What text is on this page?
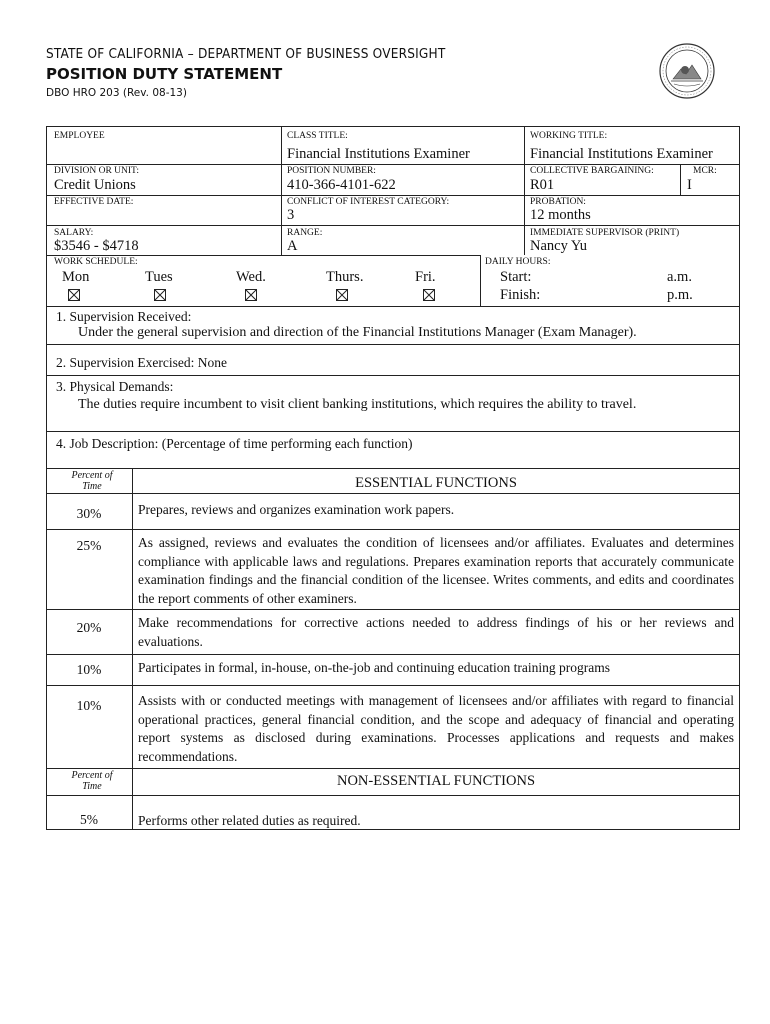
STATE OF CALIFORNIA – DEPARTMENT OF BUSINESS OVERSIGHT
POSITION DUTY STATEMENT
DBO HRO 203 (Rev. 08-13)
EMPLOYEE	CLASS TITLE:
Financial Institutions Examiner
WORKING TITLE:
Financial Institutions Examiner
DIVISION OR UNIT:
Credit Unions
POSITION NUMBER:
410-366-4101-622
COLLECTIVE BARGAINING:
R01
MCR:
I
EFFECTIVE DATE:	CONFLICT OF INTEREST CATEGORY:
3
PROBATION:
12 months
SALARY:
$3546 - $4718
RANGE:
A
IMMEDIATE SUPERVISOR (PRINT)
Nancy Yu
WORK SCHEDULE:
Mon	Tues	Wed.	Thurs.	Fri.
DAILY HOURS:
Start:
Finish:
a.m.
p.m.
1. Supervision Received:
Under the general supervision and direction of the Financial Institutions Manager (Exam Manager).
2. Supervision Exercised: None
3. Physical Demands:
The duties require incumbent to visit client banking institutions, which requires the ability to travel.
4. Job Description: (Percentage of time performing each function)
Percent of
Time	ESSENTIAL FUNCTIONS
30%	Prepares, reviews and organizes examination work papers.
25%	As assigned, reviews and evaluates the condition of licensees and/or affiliates. Evaluates and determines compliance with applicable laws and regulations. Prepares examination reports that accurately communicate examination findings and the financial condition of the licensee. Writes comments, and edits and coordinates the report comments of other examiners.
20%	Make recommendations for corrective actions needed to address findings of his or her reviews and evaluations.
10%	Participates in formal, in-house, on-the-job and continuing education training programs
10%	Assists with or conducted meetings with management of licensees and/or affiliates with regard to financial operational practices, general financial condition, and the scope and adequacy of financial and operating report systems as disclosed during examinations. Processes applications and requests and makes recommendations.
Percent of
Time	NON-ESSENTIAL FUNCTIONS
5%	Performs other related duties as required.
